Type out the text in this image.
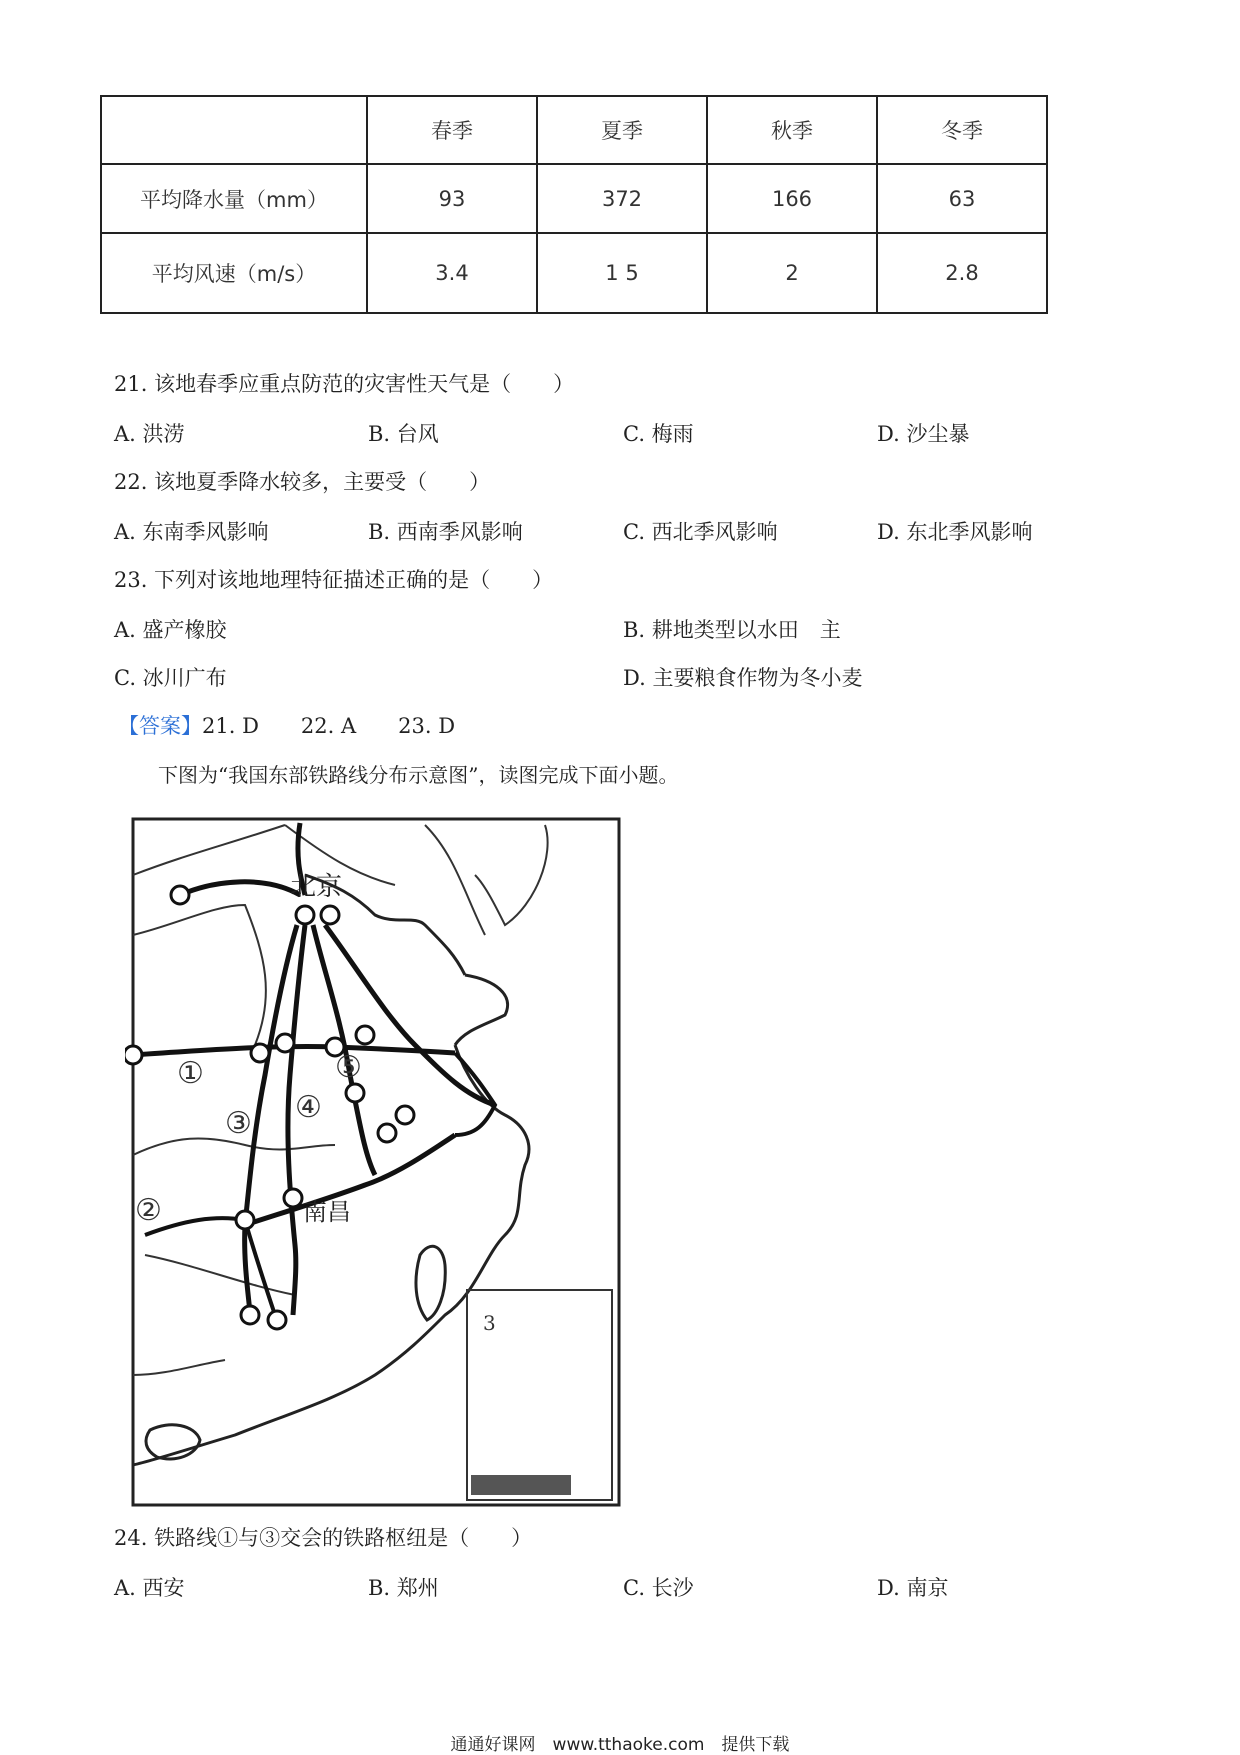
	春季	夏季	秋季	冬季
平均降水量（mm）	93	372	166	63
平均风速（m/s）	3.4	1 5	2	2.8
21. 该地春季应重点防范的灾害性天气是（　　）
A. 洪涝	B. 台风	C. 梅雨	D. 沙尘暴
22. 该地夏季降水较多，主要受（　　）
A. 东南季风影响	B. 西南季风影响	C. 西北季风影响	D. 东北季风影响
23. 下列对该地地理特征描述正确的是（　　）
A. 盛产橡胶	B. 耕地类型以水田　主
C. 冰川广布	D. 主要粮食作物为冬小麦
【答案】21. D　　22. A　　23. D
下图为“我国东部铁路线分布示意图”，读图完成下面小题。
3
北京
南昌
①
②
③ ④
⑤
24. 铁路线①与③交会的铁路枢纽是（　　）
A. 西安	B. 郑州	C. 长沙	D. 南京
通通好课网　www.tthaoke.com　提供下载
